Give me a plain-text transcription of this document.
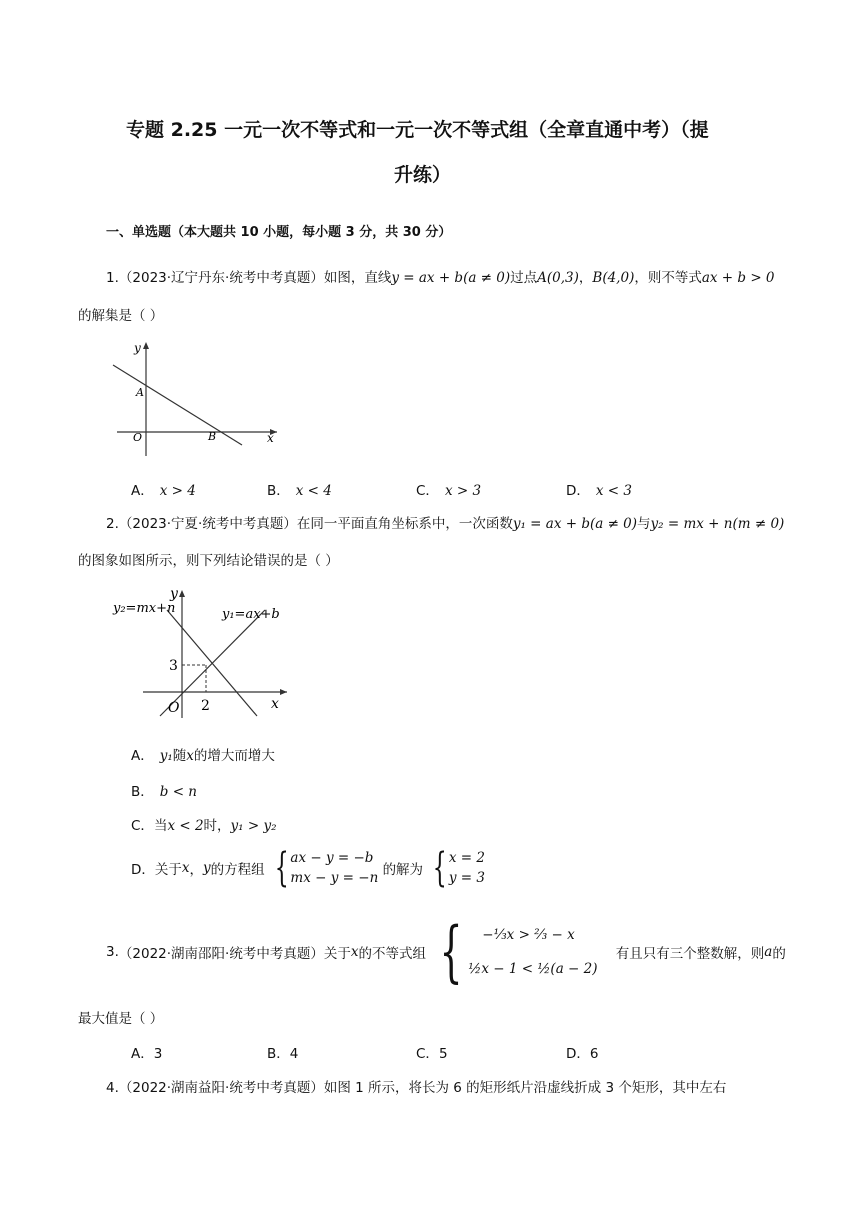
专题 2.25 一元一次不等式和一元一次不等式组（全章直通中考）（提
升练）
一、单选题（本大题共 10 小题，每小题 3 分，共 30 分）
1.（2023·辽宁丹东·统考中考真题）如图，直线y = ax + b(a ≠ 0)过点A(0,3)，B(4,0)，则不等式ax + b > 0
的解集是（ ）
y
x
A
O	B
A． x > 4	B． x < 4	C． x > 3	D． x < 3
2.（2023·宁夏·统考中考真题）在同一平面直角坐标系中，一次函数y₁ = ax + b(a ≠ 0)与y₂ = mx + n(m ≠ 0)
的图象如图所示，则下列结论错误的是（ ）
y
x
O
3
2
y₁=ax+b
y₂=mx+n
A． y₁随x的增大而增大
B． b < n
C．当x < 2时，y₁ > y₂
D．关于x，y的方程组 { ax − y = −b
mx − y = −n 的解为 { x = 2
y = 3
3.（2022·湖南邵阳·统考中考真题）关于x的不等式组 {	−⅓x > ⅔ − x
½x − 1 < ½(a − 2)
有且只有三个整数解，则a的
最大值是（ ）
A．3	B．4	C．5	D．6
4.（2022·湖南益阳·统考中考真题）如图 1 所示，将长为 6 的矩形纸片沿虚线折成 3 个矩形，其中左右
